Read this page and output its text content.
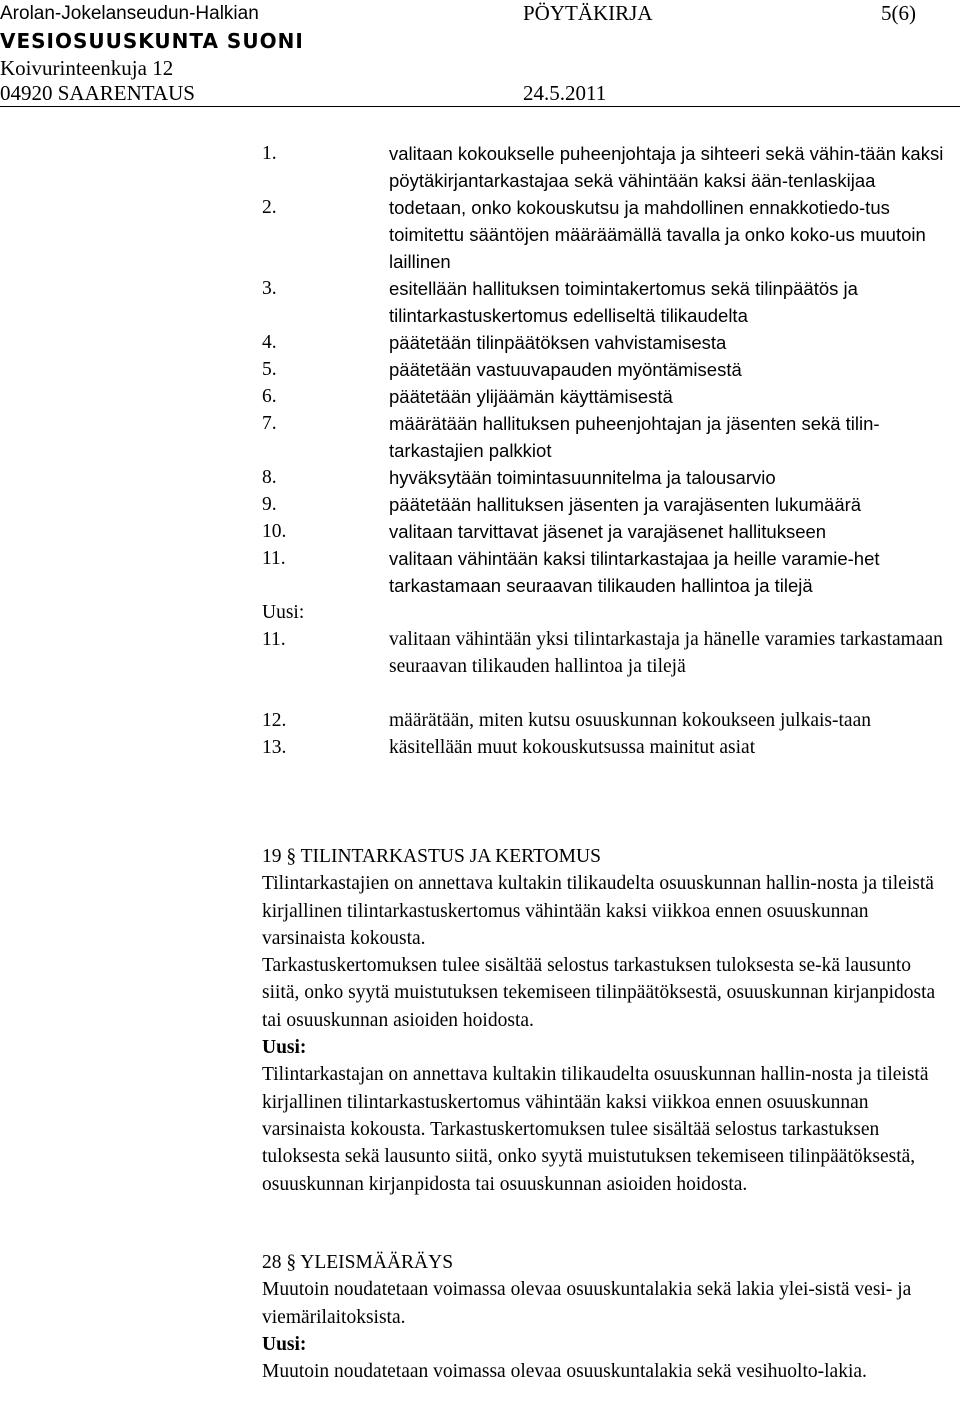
Arolan-Jokelanseudun-Halkian	PÖYTÄKIRJA	5(6)
VESIOSUUSKUNTA SUONI
Koivurinteenkuja 12
04920 SAARENTAUS	24.5.2011
1.	valitaan kokoukselle puheenjohtaja ja sihteeri sekä vähin-tään kaksi pöytäkirjantarkastajaa sekä vähintään kaksi ään-tenlaskijaa
2.	todetaan, onko kokouskutsu ja mahdollinen ennakkotiedo-tus toimitettu sääntöjen määräämällä tavalla ja onko koko-us muutoin laillinen
3.	esitellään hallituksen toimintakertomus sekä tilinpäätös ja tilintarkastuskertomus edelliseltä tilikaudelta
4.	päätetään tilinpäätöksen vahvistamisesta
5.	päätetään vastuuvapauden myöntämisestä
6.	päätetään ylijäämän käyttämisestä
7.	määrätään hallituksen puheenjohtajan ja jäsenten sekä tilin-tarkastajien palkkiot
8.	hyväksytään toimintasuunnitelma ja talousarvio
9.	päätetään hallituksen jäsenten ja varajäsenten lukumäärä
10.	valitaan tarvittavat jäsenet ja varajäsenet hallitukseen
11.	valitaan vähintään kaksi tilintarkastajaa ja heille varamie-het tarkastamaan seuraavan tilikauden hallintoa ja tilejä
Uusi:
11.	valitaan vähintään yksi tilintarkastaja ja hänelle varamies tarkastamaan seuraavan tilikauden hallintoa ja tilejä
12.	määrätään, miten kutsu osuuskunnan kokoukseen julkais-taan
13.	käsitellään muut kokouskutsussa mainitut asiat

19 § TILINTARKASTUS JA KERTOMUS

Tilintarkastajien on annettava kultakin tilikaudelta osuuskunnan hallin-nosta ja tileistä kirjallinen tilintarkastuskertomus vähintään kaksi viikkoa ennen osuuskunnan varsinaista kokousta.

Tarkastuskertomuksen tulee sisältää selostus tarkastuksen tuloksesta se-kä lausunto siitä, onko syytä muistutuksen tekemiseen tilinpäätöksestä, osuuskunnan kirjanpidosta tai osuuskunnan asioiden hoidosta.

Uusi:

Tilintarkastajan on annettava kultakin tilikaudelta osuuskunnan hallin-nosta ja tileistä kirjallinen tilintarkastuskertomus vähintään kaksi viikkoa ennen osuuskunnan varsinaista kokousta. Tarkastuskertomuksen tulee sisältää selostus tarkastuksen tuloksesta sekä lausunto siitä, onko syytä muistutuksen tekemiseen tilinpäätöksestä, osuuskunnan kirjanpidosta tai osuuskunnan asioiden hoidosta.

28 § YLEISMÄÄRÄYS

Muutoin noudatetaan voimassa olevaa osuuskuntalakia sekä lakia ylei-sistä vesi- ja viemärilaitoksista.

Uusi:

Muutoin noudatetaan voimassa olevaa osuuskuntalakia sekä vesihuolto-lakia.
